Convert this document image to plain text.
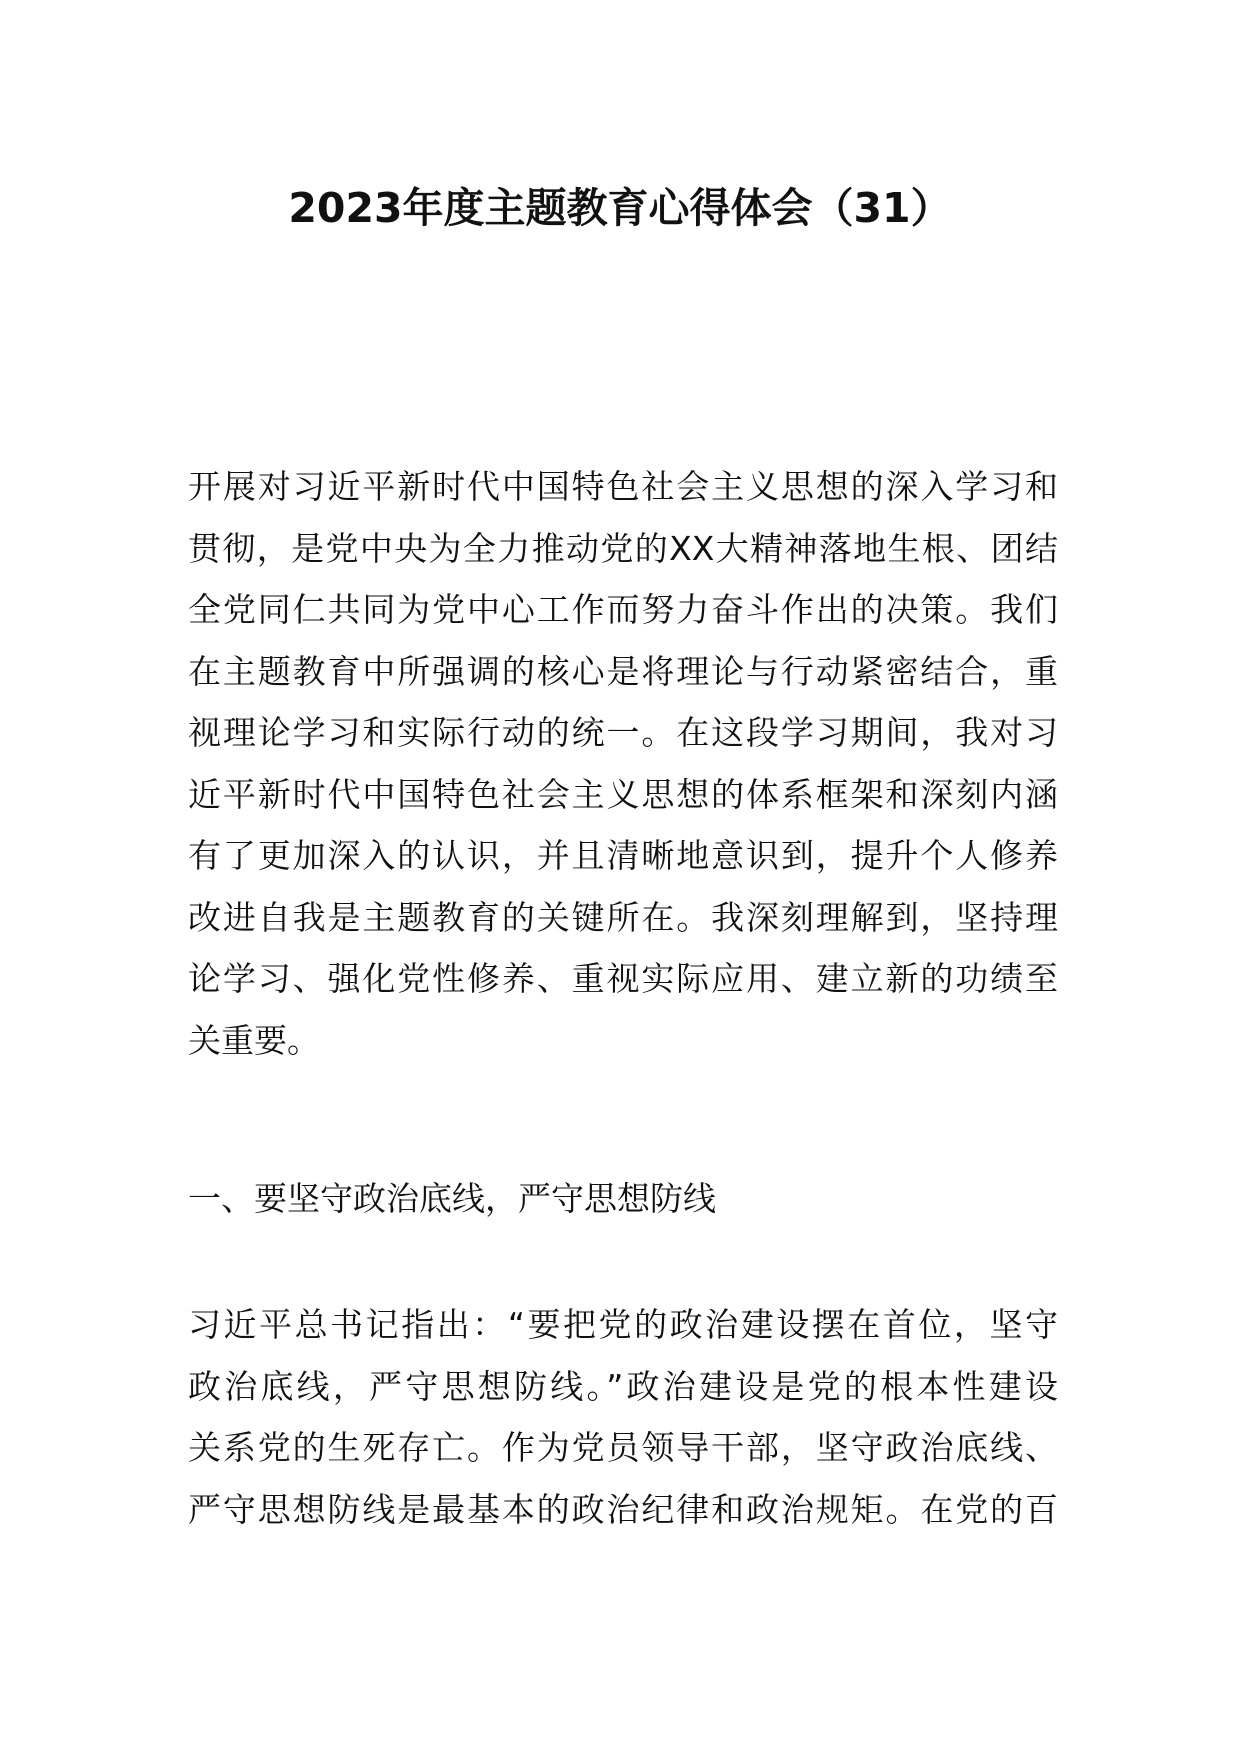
2023年度主题教育心得体会（31）
开展对习近平新时代中国特色社会主义思想的深入学习和
贯彻，是党中央为全力推动党的XX大精神落地生根、团结
全党同仁共同为党中心工作而努力奋斗作出的决策。我们
在主题教育中所强调的核心是将理论与行动紧密结合，重
视理论学习和实际行动的统一。在这段学习期间，我对习
近平新时代中国特色社会主义思想的体系框架和深刻内涵
有了更加深入的认识，并且清晰地意识到，提升个人修养
改进自我是主题教育的关键所在。我深刻理解到，坚持理
论学习、强化党性修养、重视实际应用、建立新的功绩至
关重要。
一、要坚守政治底线，严守思想防线
习近平总书记指出：“要把党的政治建设摆在首位，坚守
政治底线，严守思想防线。”政治建设是党的根本性建设
关系党的生死存亡。作为党员领导干部，坚守政治底线、
严守思想防线是最基本的政治纪律和政治规矩。在党的百
